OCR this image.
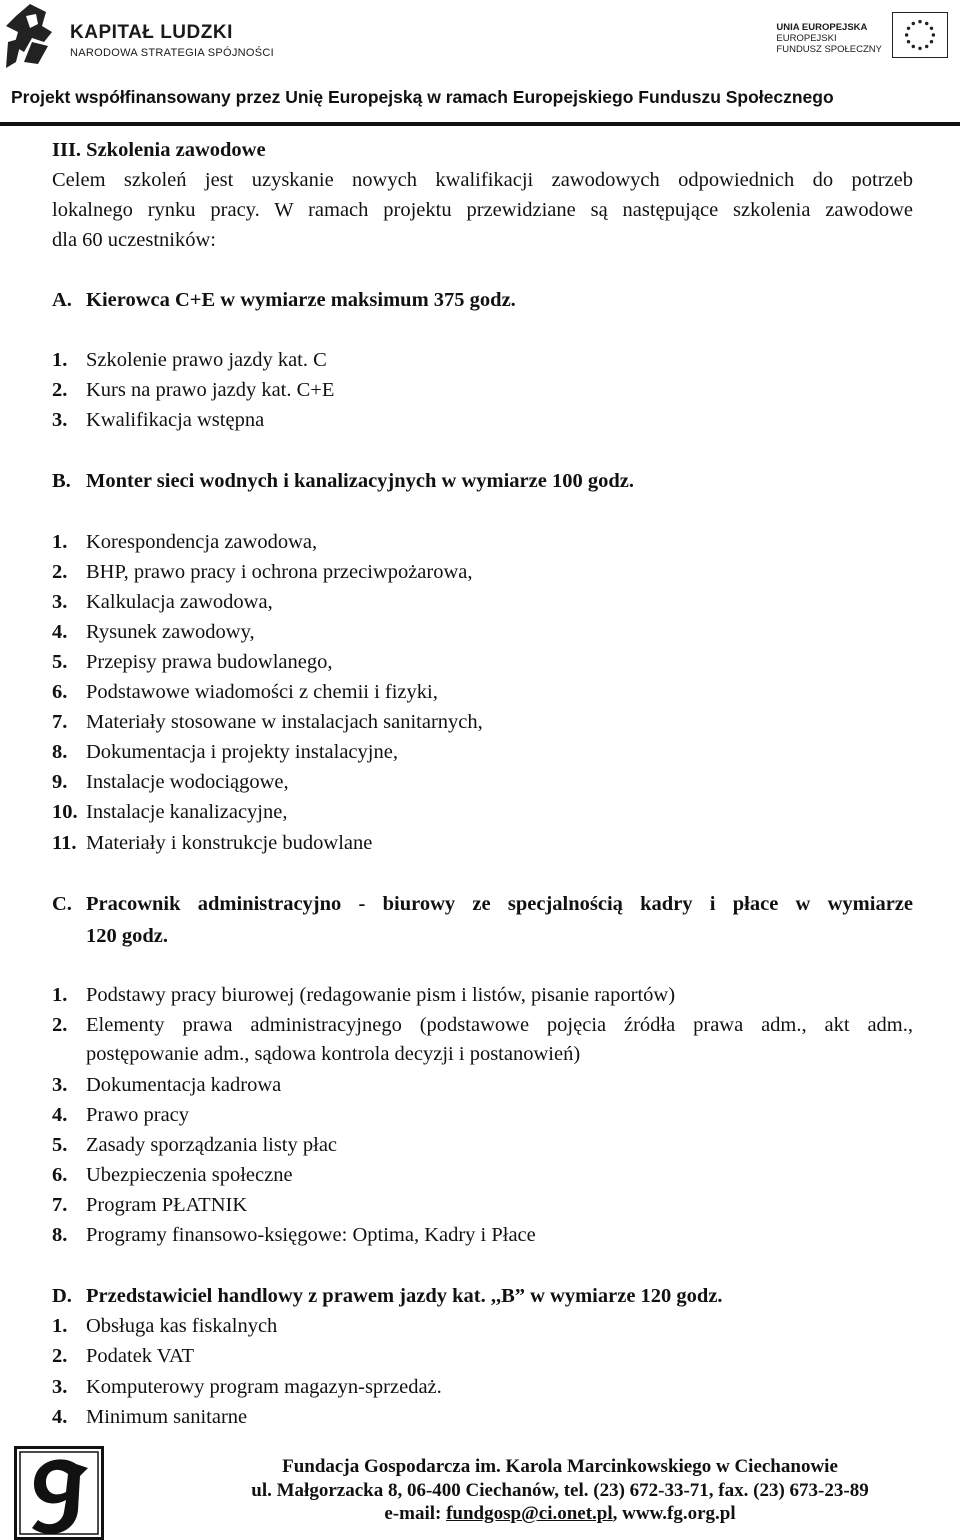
KAPITAŁ LUDZKI
NARODOWA STRATEGIA SPÓJNOŚCI
UNIA EUROPEJSKA
EUROPEJSKI
FUNDUSZ SPOŁECZNY
Projekt współfinansowany przez Unię Europejską w ramach Europejskiego Funduszu Społecznego
III. Szkolenia zawodowe
Celem szkoleń jest uzyskanie nowych kwalifikacji zawodowych odpowiednich do potrzeb
lokalnego rynku pracy. W ramach projektu przewidziane są następujące szkolenia zawodowe
dla 60 uczestników:
A. Kierowca C+E w wymiarze maksimum 375 godz.
1. Szkolenie prawo jazdy kat. C
2. Kurs na prawo jazdy kat. C+E
3. Kwalifikacja wstępna
B. Monter sieci wodnych i kanalizacyjnych w wymiarze 100 godz.
1. Korespondencja zawodowa,
2. BHP, prawo pracy i ochrona przeciwpożarowa,
3. Kalkulacja zawodowa,
4. Rysunek zawodowy,
5. Przepisy prawa budowlanego,
6. Podstawowe wiadomości z chemii i fizyki,
7. Materiały stosowane w instalacjach sanitarnych,
8. Dokumentacja i projekty instalacyjne,
9. Instalacje wodociągowe,
10. Instalacje kanalizacyjne,
11. Materiały i konstrukcje budowlane
C. Pracownik administracyjno - biurowy ze specjalnością kadry i płace w wymiarze
120 godz.
1. Podstawy pracy biurowej (redagowanie pism i listów, pisanie raportów)
2. Elementy prawa administracyjnego (podstawowe pojęcia źródła prawa adm., akt adm.,
postępowanie adm., sądowa kontrola decyzji i postanowień)
3. Dokumentacja kadrowa
4. Prawo pracy
5. Zasady sporządzania listy płac
6. Ubezpieczenia społeczne
7. Program PŁATNIK
8. Programy finansowo-księgowe: Optima, Kadry i Płace
D. Przedstawiciel handlowy z prawem jazdy kat. ,,B” w wymiarze 120 godz.
1. Obsługa kas fiskalnych
2. Podatek VAT
3. Komputerowy program magazyn-sprzedaż.
4. Minimum sanitarne
Fundacja Gospodarcza im. Karola Marcinkowskiego w Ciechanowie
ul. Małgorzacka 8, 06-400 Ciechanów, tel. (23) 672-33-71, fax. (23) 673-23-89
e-mail: fundgosp@ci.onet.pl, www.fg.org.pl
